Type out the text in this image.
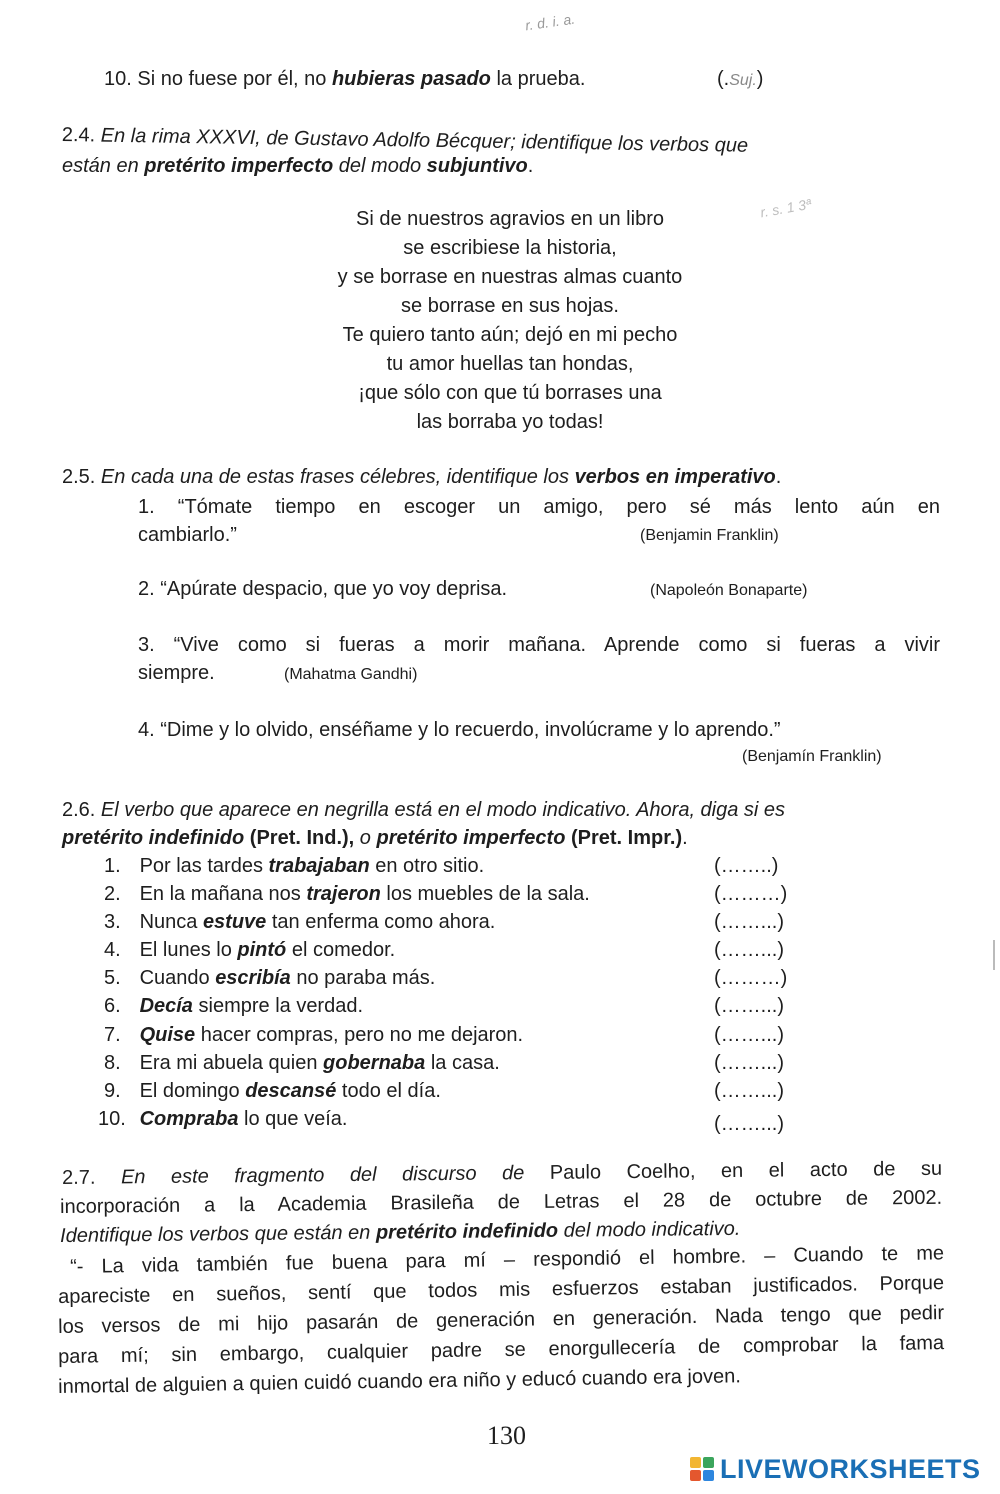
r. d. i. a.
10. Si no fuese por él, no hubieras pasado la prueba.	(.Suj.)
2.4. En la rima XXXVI, de Gustavo Adolfo Bécquer; identifique los verbos que
están en pretérito imperfecto del modo subjuntivo.
r. s. 1 3ª
Si de nuestros agravios en un libro
se escribiese la historia,
y se borrase en nuestras almas cuanto
se borrase en sus hojas.
Te quiero tanto aún; dejó en mi pecho
tu amor huellas tan hondas,
¡que sólo con que tú borrases una
las borraba yo todas!
2.5. En cada una de estas frases célebres, identifique los verbos en imperativo.
1. “Tómate tiempo en escoger un amigo, pero sé más lento aún en
cambiarlo.”	(Benjamin Franklin)
2. “Apúrate despacio, que yo voy deprisa.	(Napoleón Bonaparte)
3. “Vive como si fueras a morir mañana. Aprende como si fueras a vivir
siempre.	(Mahatma Gandhi)
4. “Dime y lo olvido, enséñame y lo recuerdo, involúcrame y lo aprendo.”
(Benjamín Franklin)
2.6. El verbo que aparece en negrilla está en el modo indicativo. Ahora, diga si es
pretérito indefinido (Pret. Ind.), o pretérito imperfecto (Pret. Impr.).
1. Por las tardes trabajaban en otro sitio.	(……..)
2. En la mañana nos trajeron los muebles de la sala.	(………)
3. Nunca estuve tan enferma como ahora.	(……...)
4. El lunes lo pintó el comedor.	(……...)
5. Cuando escribía no paraba más.	(………)
6. Decía siempre la verdad.	(……...)
7. Quise hacer compras, pero no me dejaron.	(……...)
8. Era mi abuela quien gobernaba la casa.	(……...)
9. El domingo descansé todo el día.	(……...)
10. Compraba lo que veía.	(……...)
2.7. En este fragmento del discurso de Paulo Coelho, en el acto de su
incorporación a la Academia Brasileña de Letras el 28 de octubre de 2002.
Identifique los verbos que están en pretérito indefinido del modo indicativo.
“- La vida también fue buena para mí – respondió el hombre. – Cuando te me
apareciste en sueños, sentí que todos mis esfuerzos estaban justificados. Porque
los versos de mi hijo pasarán de generación en generación. Nada tengo que pedir
para mí; sin embargo, cualquier padre se enorgullecería de comprobar la fama
inmortal de alguien a quien cuidó cuando era niño y educó cuando era joven.
130
LIVEWORKSHEETS
